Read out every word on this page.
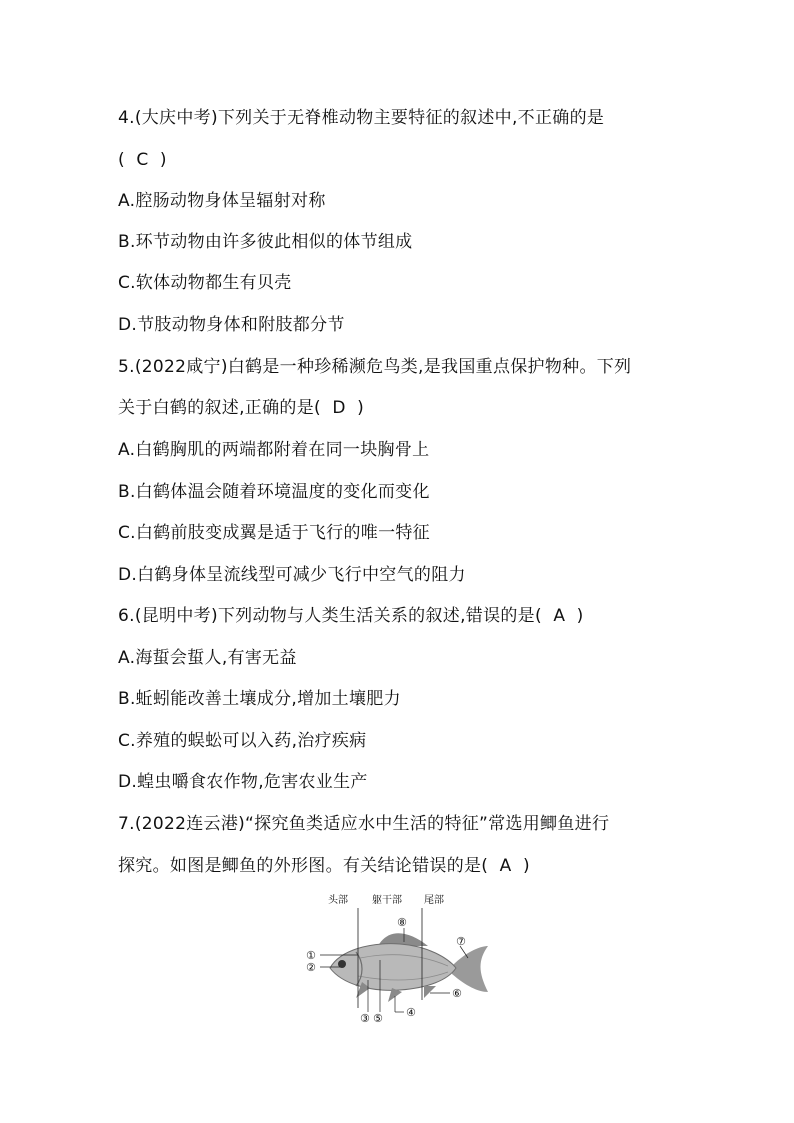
4.(大庆中考)下列关于无脊椎动物主要特征的叙述中,不正确的是
(  C  )
A.腔肠动物身体呈辐射对称
B.环节动物由许多彼此相似的体节组成
C.软体动物都生有贝壳
D.节肢动物身体和附肢都分节
5.(2022咸宁)白鹤是一种珍稀濒危鸟类,是我国重点保护物种。下列
关于白鹤的叙述,正确的是(  D  )
A.白鹤胸肌的两端都附着在同一块胸骨上
B.白鹤体温会随着环境温度的变化而变化
C.白鹤前肢变成翼是适于飞行的唯一特征
D.白鹤身体呈流线型可减少飞行中空气的阻力
6.(昆明中考)下列动物与人类生活关系的叙述,错误的是(  A  )
A.海蜇会蜇人,有害无益
B.蚯蚓能改善土壤成分,增加土壤肥力
C.养殖的蜈蚣可以入药,治疗疾病
D.蝗虫嚼食农作物,危害农业生产
7.(2022连云港)“探究鱼类适应水中生活的特征”常选用鲫鱼进行
探究。如图是鲫鱼的外形图。有关结论错误的是(  A  )
头部 躯干部 尾部
①
②
③	④
⑤
⑥
⑦
⑧
